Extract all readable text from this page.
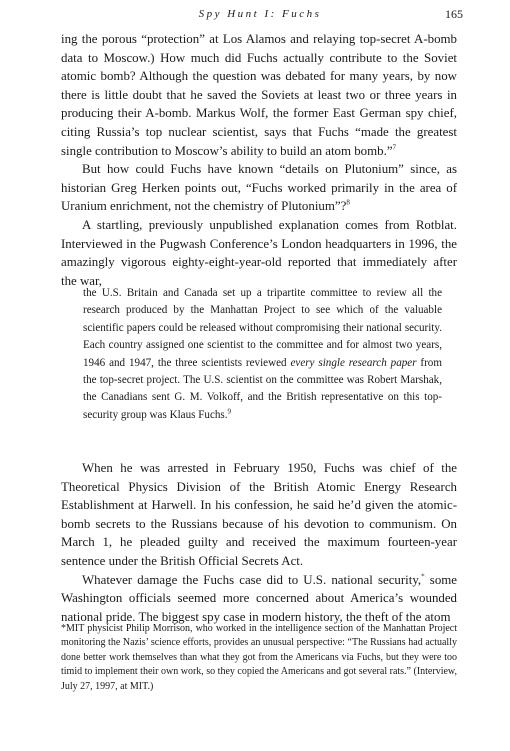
Spy Hunt I: Fuchs	165

ing the porous “protection” at Los Alamos and relaying top-secret A-bomb data to Moscow.) How much did Fuchs actually contribute to the Soviet atomic bomb? Although the question was debated for many years, by now there is little doubt that he saved the Soviets at least two or three years in producing their A-bomb. Markus Wolf, the former East German spy chief, citing Russia’s top nuclear scientist, says that Fuchs “made the greatest single contribution to Moscow’s ability to build an atom bomb.”$^7$

But how could Fuchs have known “details on Plutonium” since, as historian Greg Herken points out, “Fuchs worked primarily in the area of Uranium enrichment, not the chemistry of Plutonium”?$^8$

A startling, previously unpublished explanation comes from Rotblat. Interviewed in the Pugwash Conference’s London headquarters in 1996, the amazingly vigorous eighty-eight-year-old reported that immediately after the war,

the U.S. Britain and Canada set up a tripartite committee to review all the research produced by the Manhattan Project to see which of the valuable scientific papers could be released without compromising their national security. Each country assigned one scientist to the committee and for almost two years, 1946 and 1947, the three scientists reviewed every single research paper from the top-secret project. The U.S. scientist on the committee was Robert Marshak, the Canadians sent G. M. Volkoff, and the British representative on this top-security group was Klaus Fuchs.$^9$

When he was arrested in February 1950, Fuchs was chief of the Theoretical Physics Division of the British Atomic Energy Research Establishment at Harwell. In his confession, he said he’d given the atomic-bomb secrets to the Russians because of his devotion to communism. On March 1, he pleaded guilty and received the maximum fourteen-year sentence under the British Official Secrets Act.

Whatever damage the Fuchs case did to U.S. national security,* some Washington officials seemed more concerned about America’s wounded national pride. The biggest spy case in modern history, the theft of the atom

*MIT physicist Philip Morrison, who worked in the intelligence section of the Manhattan Project monitoring the Nazis’ science efforts, provides an unusual perspective: “The Russians had actually done better work themselves than what they got from the Americans via Fuchs, but they were too timid to implement their own work, so they copied the Americans and got several rats.” (Interview, July 27, 1997, at MIT.)
